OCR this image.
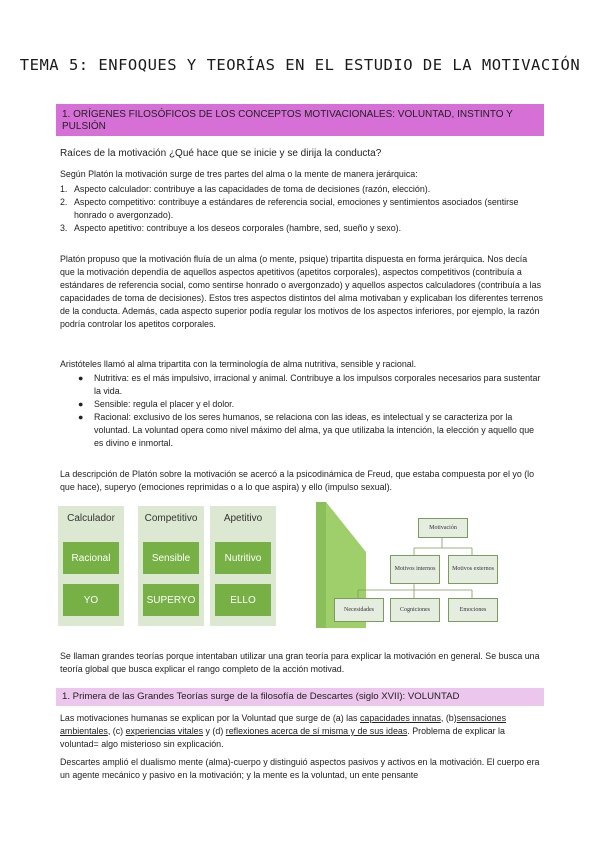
TEMA 5: ENFOQUES Y TEORÍAS EN EL ESTUDIO DE LA MOTIVACIÓN
1. ORÍGENES FILOSÓFICOS DE LOS CONCEPTOS MOTIVACIONALES: VOLUNTAD, INSTINTO Y PULSIÓN
Raíces de la motivación ¿Qué hace que se inicie y se dirija la conducta?
Según Platón la motivación surge de tres partes del alma o la mente de manera jerárquica:
1. Aspecto calculador: contribuye a las capacidades de toma de decisiones (razón, elección).
2. Aspecto competitivo: contribuye a estándares de referencia social, emociones y sentimientos asociados (sentirse honrado o avergonzado).
3. Aspecto apetitivo: contribuye a los deseos corporales (hambre, sed, sueño y sexo).
Platón propuso que la motivación fluía de un alma (o mente, psique) tripartita dispuesta en forma jerárquica. Nos decía que la motivación dependía de aquellos aspectos apetitivos (apetitos corporales), aspectos competitivos (contribuía a estándares de referencia social, como sentirse honrado o avergonzado) y aquellos aspectos calculadores (contribuía a las capacidades de toma de decisiones). Estos tres aspectos distintos del alma motivaban y explicaban los diferentes terrenos de la conducta. Además, cada aspecto superior podía regular los motivos de los aspectos inferiores, por ejemplo, la razón podría controlar los apetitos corporales.
Aristóteles llamó al alma tripartita con la terminología de alma nutritiva, sensible y racional.
● Nutritiva: es el más impulsivo, irracional y animal. Contribuye a los impulsos corporales necesarios para sustentar la vida.
● Sensible: regula el placer y el dolor.
● Racional: exclusivo de los seres humanos, se relaciona con las ideas, es intelectual y se caracteriza por la voluntad. La voluntad opera como nivel máximo del alma, ya que utilizaba la intención, la elección y aquello que es divino e inmortal.
La descripción de Platón sobre la motivación se acercó a la psicodinámica de Freud, que estaba compuesta por el yo (lo que hace), superyo (emociones reprimidas o a lo que aspira) y ello (impulso sexual).
Calculador
Racional
YO
Competitivo
Sensible
SUPERYO
Apetitivo
Nutritivo
ELLO
Motivación
Motivos internos	Motivos externos
Necesidades	Cogniciones	Emociones
Se llaman grandes teorías porque intentaban utilizar una gran teoría para explicar la motivación en general. Se busca una teoría global que busca explicar el rango completo de la acción motivad.
1. Primera de las Grandes Teorías surge de la filosofía de Descartes (siglo XVII): VOLUNTAD
Las motivaciones humanas se explican por la Voluntad que surge de (a) las capacidades innatas, (b)sensaciones ambientales, (c) experiencias vitales y (d) reflexiones acerca de sí misma y de sus ideas. Problema de explicar la voluntad= algo misterioso sin explicación.
Descartes amplió el dualismo mente (alma)-cuerpo y distinguió aspectos pasivos y activos en la motivación. El cuerpo era un agente mecánico y pasivo en la motivación; y la mente es la voluntad, un ente pensante
